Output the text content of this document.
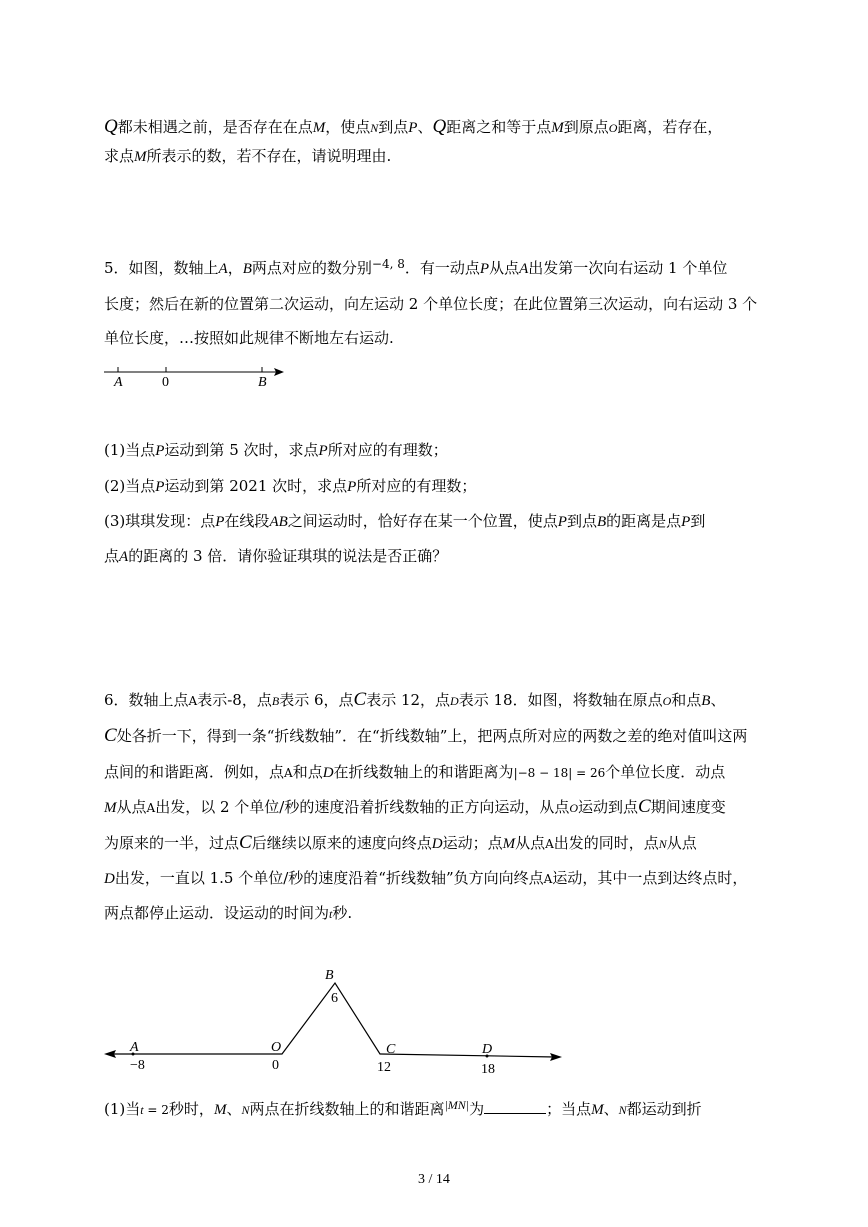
Q都未相遇之前，是否存在在点M，使点N到点P、Q距离之和等于点M到原点O距离，若存在，
求点M所表示的数，若不存在，请说明理由.
5．如图，数轴上A，B两点对应的数分别$^{-4, 8}$．有一动点P从点A出发第一次向右运动 1 个单位
长度；然后在新的位置第二次运动，向左运动 2 个单位长度；在此位置第三次运动，向右运动 3 个
单位长度，…按照如此规律不断地左右运动.
A	0	B
(1)当点P运动到第 5 次时，求点P所对应的有理数；
(2)当点P运动到第 2021 次时，求点P所对应的有理数；
(3)琪琪发现：点P在线段AB之间运动时，恰好存在某一个位置，使点P到点B的距离是点P到
点A的距离的 3 倍．请你验证琪琪的说法是否正确？
6．数轴上点A表示-8，点B表示 6，点C表示 12，点D表示 18．如图，将数轴在原点O和点B、
C处各折一下，得到一条“折线数轴”．在“折线数轴”上，把两点所对应的两数之差的绝对值叫这两
点间的和谐距离．例如，点A和点D在折线数轴上的和谐距离为|−8 − 18| = 26个单位长度．动点
M从点A出发，以 2 个单位/秒的速度沿着折线数轴的正方向运动，从点O运动到点C期间速度变
为原来的一半，过点C后继续以原来的速度向终点D运动；点M从点A出发的同时，点N从点
D出发，一直以 1.5 个单位/秒的速度沿着“折线数轴”负方向向终点A运动，其中一点到达终点时，
两点都停止运动．设运动的时间为t秒.
A
−8
O
0
B
6
C
12
D
18
(1)当t = 2秒时，M、N两点在折线数轴上的和谐距离$^{|MN|}$为	；当点M、N都运动到折
3 / 14
